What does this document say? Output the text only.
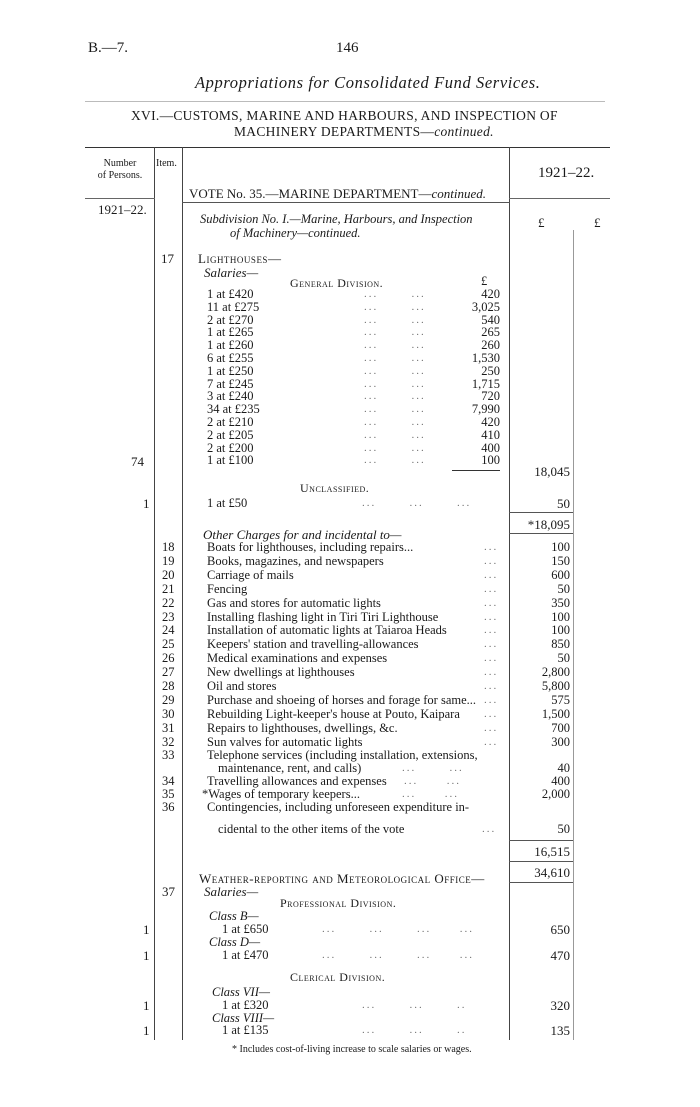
B.—7.	146
Appropriations for Consolidated Fund Services.
XVI.—CUSTOMS, MARINE AND HARBOURS, AND INSPECTION OF
MACHINERY DEPARTMENTS—continued.
Number
of Persons.
Item.
1921–22.
1921–22.
VOTE No. 35.—MARINE DEPARTMENT—continued.
Subdivision No. I.—Marine, Harbours, and Inspection
of Machinery—continued.
£	£
17 Lighthouses—
Salaries—
General Division.	£
1 at £420	...       ...	420
11 at £275	...       ...	3,025
2 at £270	...       ...	540
1 at £265	...       ...	265
1 at £260	...       ...	260
6 at £255	...       ...	1,530
1 at £250	...       ...	250
7 at £245	...       ...	1,715
3 at £240	...       ...	720
34 at £235	...       ...	7,990
2 at £210	...       ...	420
2 at £205	...       ...	410
2 at £200	...       ...	400
1 at £100	...       ...	100
74
18,045
Unclassified.
1	1 at £50	...       ...       ...	50
*18,095
Other Charges for and incidental to—
18	Boats for lighthouses, including repairs...	...	100
19	Books, magazines, and newspapers	...	150
20	Carriage of mails	...	600
21	Fencing	...	50
22	Gas and stores for automatic lights	...	350
23	Installing flashing light in Tiri Tiri Lighthouse	...	100
24	Installation of automatic lights at Taiaroa Heads	...	100
25	Keepers' station and travelling-allowances	...	850
26	Medical examinations and expenses	...	50
27	New dwellings at lighthouses	...	2,800
28	Oil and stores	...	5,800
29	Purchase and shoeing of horses and forage for same... ...	575
30	Rebuilding Light-keeper's house at Pouto, Kaipara ...	1,500
31	Repairs to lighthouses, dwellings, &c.	...	700
32	Sun valves for automatic lights	...	300
33	Telephone services (including installation, extensions,
maintenance, rent, and calls)	...       ...	40
34	Travelling allowances and expenses ...      ...	400
35 *Wages of temporary keepers...	...      ...	2,000
36	Contingencies, including unforeseen expenditure in-
cidental to the other items of the vote	...	50
16,515
34,610
Weather-reporting and Meteorological Office—
37 Salaries—
Professional Division.
Class B—
1	1 at £650	...       ...       ...      ...	650
Class D—
1	1 at £470	...       ...       ...      ...	470
Clerical Division.
Class VII—
1	1 at £320	...       ...       ..	320
Class VIII—
1	1 at £135	...       ...       ..	135
* Includes cost-of-living increase to scale salaries or wages.
